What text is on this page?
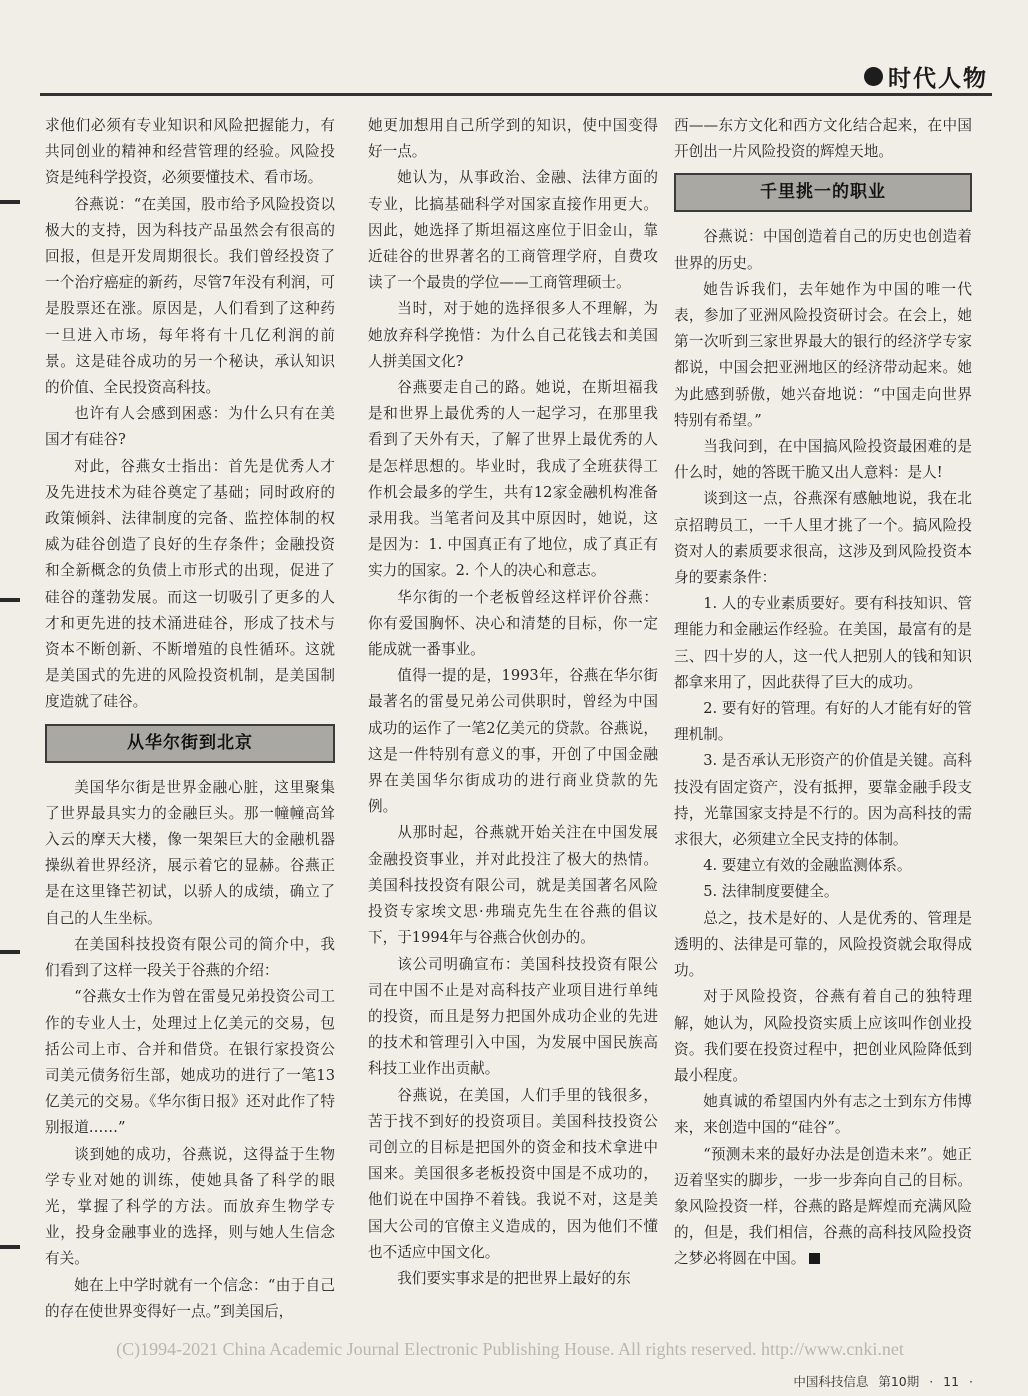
时代人物

求他们必须有专业知识和风险把握能力，有共同创业的精神和经营管理的经验。风险投资是纯科学投资，必须要懂技术、看市场。

谷燕说：“在美国，股市给予风险投资以极大的支持，因为科技产品虽然会有很高的回报，但是开发周期很长。我们曾经投资了一个治疗癌症的新药，尽管7年没有利润，可是股票还在涨。原因是，人们看到了这种药一旦进入市场，每年将有十几亿利润的前景。这是硅谷成功的另一个秘诀，承认知识的价值、全民投资高科技。

也许有人会感到困惑：为什么只有在美国才有硅谷?

对此，谷燕女士指出：首先是优秀人才及先进技术为硅谷奠定了基础；同时政府的政策倾斜、法律制度的完备、监控体制的权威为硅谷创造了良好的生存条件；金融投资和全新概念的负债上市形式的出现，促进了硅谷的蓬勃发展。而这一切吸引了更多的人才和更先进的技术涌进硅谷，形成了技术与资本不断创新、不断增殖的良性循环。这就是美国式的先进的风险投资机制，是美国制度造就了硅谷。

从华尔街到北京

美国华尔街是世界金融心脏，这里聚集了世界最具实力的金融巨头。那一幢幢高耸入云的摩天大楼，像一架架巨大的金融机器操纵着世界经济，展示着它的显赫。谷燕正是在这里锋芒初试，以骄人的成绩，确立了自己的人生坐标。

在美国科技投资有限公司的简介中，我们看到了这样一段关于谷燕的介绍：

“谷燕女士作为曾在雷曼兄弟投资公司工作的专业人士，处理过上亿美元的交易，包括公司上市、合并和借贷。在银行家投资公司美元债务衍生部，她成功的进行了一笔13亿美元的交易。《华尔街日报》还对此作了特别报道……”

谈到她的成功，谷燕说，这得益于生物学专业对她的训练，使她具备了科学的眼光，掌握了科学的方法。而放弃生物学专业，投身金融事业的选择，则与她人生信念有关。

她在上中学时就有一个信念：“由于自己的存在使世界变得好一点。”到美国后，

她更加想用自己所学到的知识，使中国变得好一点。

她认为，从事政治、金融、法律方面的专业，比搞基础科学对国家直接作用更大。因此，她选择了斯坦福这座位于旧金山，靠近硅谷的世界著名的工商管理学府，自费攻读了一个最贵的学位——工商管理硕士。

当时，对于她的选择很多人不理解，为她放弃科学挽惜：为什么自己花钱去和美国人拼美国文化?

谷燕要走自己的路。她说，在斯坦福我是和世界上最优秀的人一起学习，在那里我看到了天外有天，了解了世界上最优秀的人是怎样思想的。毕业时，我成了全班获得工作机会最多的学生，共有12家金融机构准备录用我。当笔者问及其中原因时，她说，这是因为：1. 中国真正有了地位，成了真正有实力的国家。2. 个人的决心和意志。

华尔街的一个老板曾经这样评价谷燕：你有爱国胸怀、决心和清楚的目标，你一定能成就一番事业。

值得一提的是，1993年，谷燕在华尔街最著名的雷曼兄弟公司供职时，曾经为中国成功的运作了一笔2亿美元的贷款。谷燕说，这是一件特别有意义的事，开创了中国金融界在美国华尔街成功的进行商业贷款的先例。

从那时起，谷燕就开始关注在中国发展金融投资事业，并对此投注了极大的热情。美国科技投资有限公司，就是美国著名风险投资专家埃文思·弗瑞克先生在谷燕的倡议下，于1994年与谷燕合伙创办的。

该公司明确宣布：美国科技投资有限公司在中国不止是对高科技产业项目进行单纯的投资，而且是努力把国外成功企业的先进的技术和管理引入中国，为发展中国民族高科技工业作出贡献。

谷燕说，在美国，人们手里的钱很多，苦于找不到好的投资项目。美国科技投资公司创立的目标是把国外的资金和技术拿进中国来。美国很多老板投资中国是不成功的，他们说在中国挣不着钱。我说不对，这是美国大公司的官僚主义造成的，因为他们不懂也不适应中国文化。

我们要实事求是的把世界上最好的东

西——东方文化和西方文化结合起来，在中国开创出一片风险投资的辉煌天地。

千里挑一的职业

谷燕说：中国创造着自己的历史也创造着世界的历史。

她告诉我们，去年她作为中国的唯一代表，参加了亚洲风险投资研讨会。在会上，她第一次听到三家世界最大的银行的经济学专家都说，中国会把亚洲地区的经济带动起来。她为此感到骄傲，她兴奋地说：“中国走向世界特别有希望。”

当我问到，在中国搞风险投资最困难的是什么时，她的答既干脆又出人意料：是人!

谈到这一点，谷燕深有感触地说，我在北京招聘员工，一千人里才挑了一个。搞风险投资对人的素质要求很高，这涉及到风险投资本身的要素条件：

1. 人的专业素质要好。要有科技知识、管理能力和金融运作经验。在美国，最富有的是三、四十岁的人，这一代人把别人的钱和知识都拿来用了，因此获得了巨大的成功。

2. 要有好的管理。有好的人才能有好的管理机制。

3. 是否承认无形资产的价值是关键。高科技没有固定资产，没有抵押，要靠金融手段支持，光靠国家支持是不行的。因为高科技的需求很大，必须建立全民支持的体制。

4. 要建立有效的金融监测体系。

5. 法律制度要健全。

总之，技术是好的、人是优秀的、管理是透明的、法律是可靠的，风险投资就会取得成功。

对于风险投资，谷燕有着自己的独特理解，她认为，风险投资实质上应该叫作创业投资。我们要在投资过程中，把创业风险降低到最小程度。

她真诚的希望国内外有志之士到东方伟博来，来创造中国的“硅谷”。

“预测未来的最好办法是创造未来”。她正迈着坚实的脚步，一步一步奔向自己的目标。象风险投资一样，谷燕的路是辉煌而充满风险的，但是，我们相信，谷燕的高科技风险投资之梦必将圆在中国。

(C)1994-2021 China Academic Journal Electronic Publishing House. All rights reserved. http://www.cnki.net
中国科技信息 第10期 · 11 ·
